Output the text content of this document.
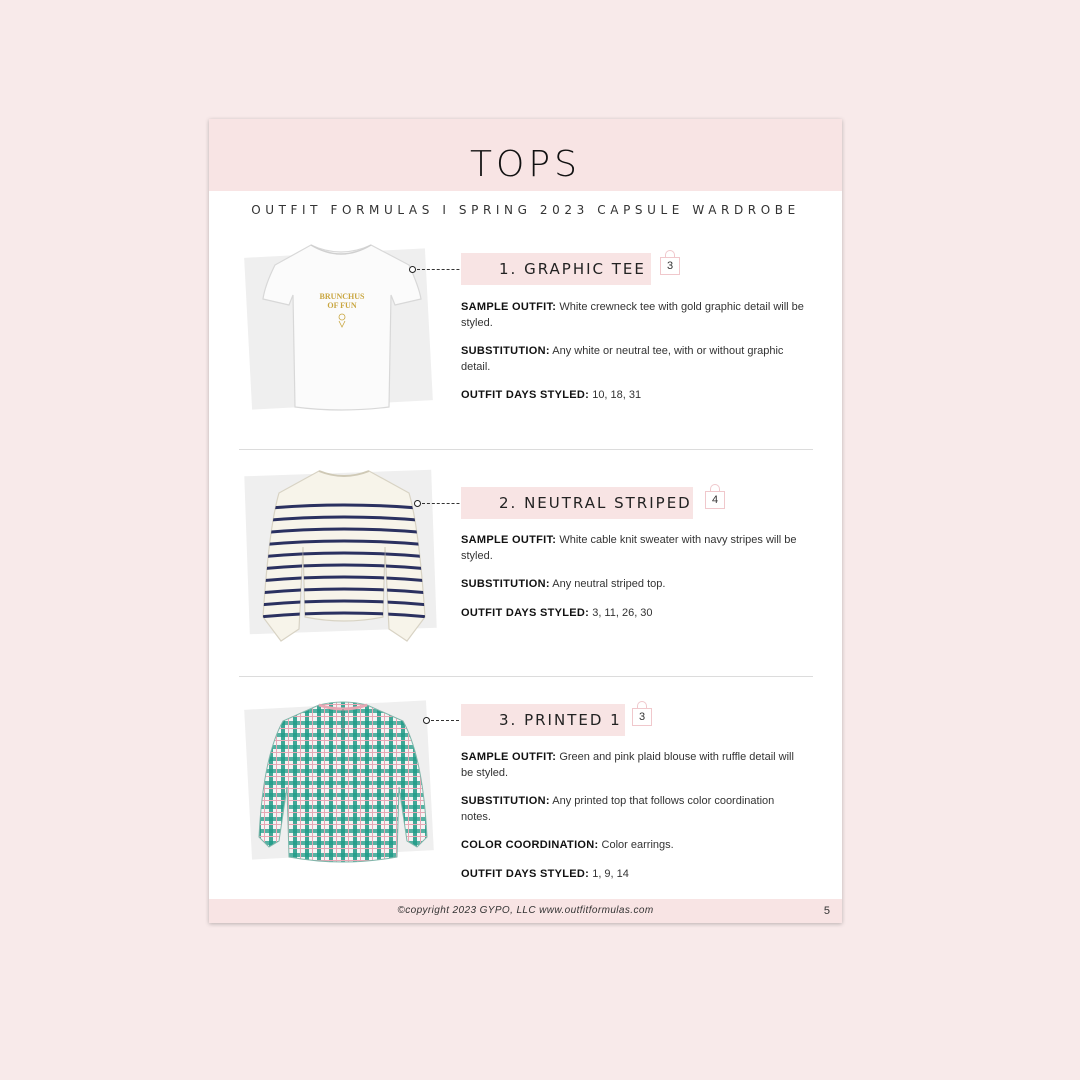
TOPS
OUTFIT FORMULAS I SPRING 2023 CAPSULE WARDROBE
BRUNCHUS
OF FUN
1. GRAPHIC TEE	3

SAMPLE OUTFIT: White crewneck tee with gold graphic detail will be styled.

SUBSTITUTION: Any white or neutral tee, with or without graphic detail.

OUTFIT DAYS STYLED: 10, 18, 31

2. NEUTRAL STRIPED	4

SAMPLE OUTFIT: White cable knit sweater with navy stripes will be styled.

SUBSTITUTION: Any neutral striped top.

OUTFIT DAYS STYLED: 3, 11, 26, 30

3. PRINTED 1	3

SAMPLE OUTFIT: Green and pink plaid blouse with ruffle detail will be styled.

SUBSTITUTION: Any printed top that follows color coordination notes.

COLOR COORDINATION: Color earrings.

OUTFIT DAYS STYLED: 1, 9, 14

©copyright 2023 GYPO, LLC www.outfitformulas.com	5
